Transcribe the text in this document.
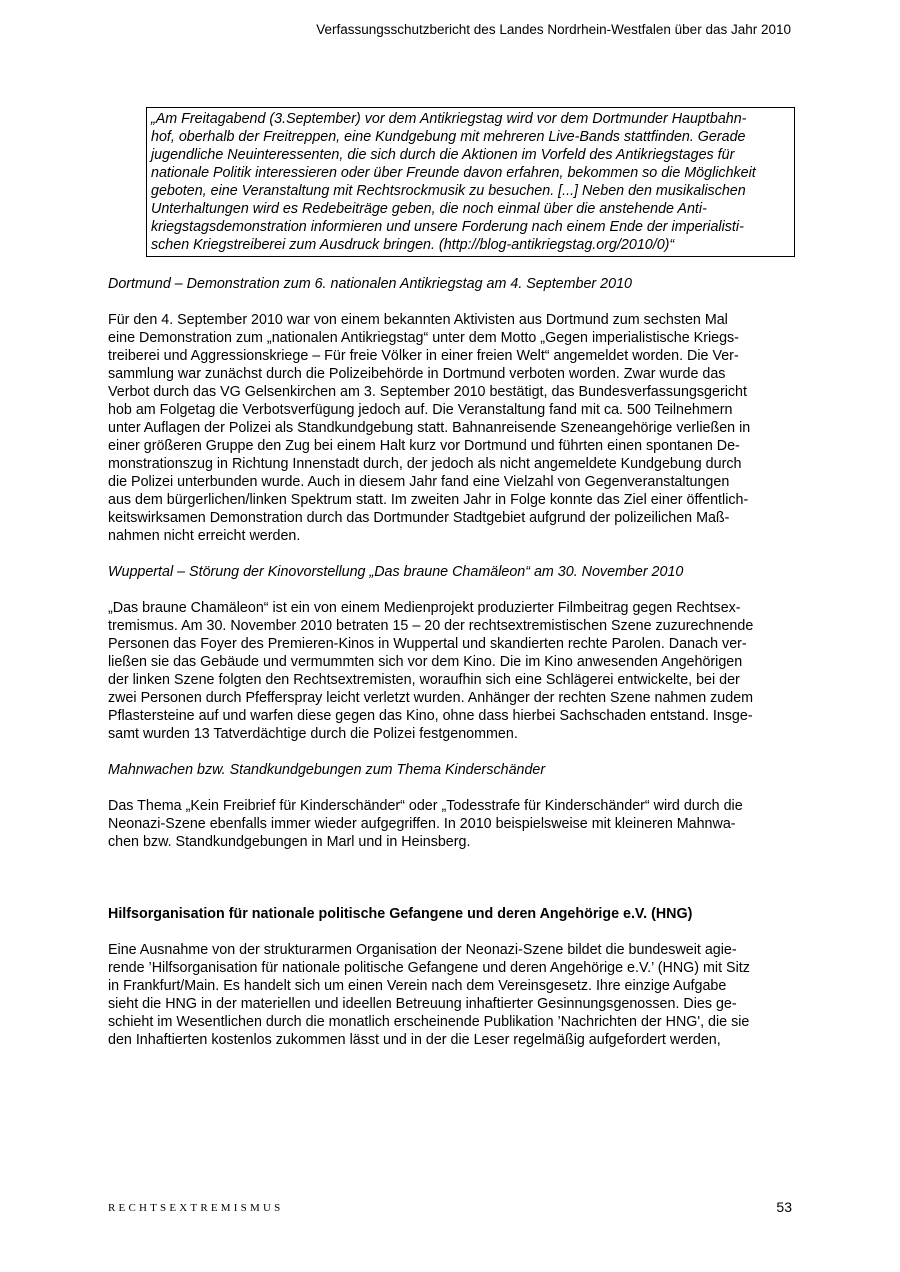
Verfassungsschutzbericht des Landes Nordrhein-Westfalen über das Jahr 2010
„Am Freitagabend (3.September) vor dem Antikriegstag wird vor dem Dortmunder Hauptbahn-
hof, oberhalb der Freitreppen, eine Kundgebung mit mehreren Live-Bands stattfinden. Gerade
jugendliche Neuinteressenten, die sich durch die Aktionen im Vorfeld des Antikriegstages für
nationale Politik interessieren oder über Freunde davon erfahren, bekommen so die Möglichkeit
geboten, eine Veranstaltung mit Rechtsrockmusik zu besuchen. [...] Neben den musikalischen
Unterhaltungen wird es Redebeiträge geben, die noch einmal über die anstehende Anti-
kriegstagsdemonstration informieren und unsere Forderung nach einem Ende der imperialisti-
schen Kriegstreiberei zum Ausdruck bringen. (http://blog-antikriegstag.org/2010/0)“

Dortmund – Demonstration zum 6. nationalen Antikriegstag am 4. September 2010

Für den 4. September 2010 war von einem bekannten Aktivisten aus Dortmund zum sechsten Mal
eine Demonstration zum „nationalen Antikriegstag“ unter dem Motto „Gegen imperialistische Kriegs-
treiberei und Aggressionskriege – Für freie Völker in einer freien Welt“ angemeldet worden. Die Ver-
sammlung war zunächst durch die Polizeibehörde in Dortmund verboten worden. Zwar wurde das
Verbot durch das VG Gelsenkirchen am 3. September 2010 bestätigt, das Bundesverfassungsgericht
hob am Folgetag die Verbotsverfügung jedoch auf. Die Veranstaltung fand mit ca. 500 Teilnehmern
unter Auflagen der Polizei als Standkundgebung statt. Bahnanreisende Szeneangehörige verließen in
einer größeren Gruppe den Zug bei einem Halt kurz vor Dortmund und führten einen spontanen De-
monstrationszug in Richtung Innenstadt durch, der jedoch als nicht angemeldete Kundgebung durch
die Polizei unterbunden wurde. Auch in diesem Jahr fand eine Vielzahl von Gegenveranstaltungen
aus dem bürgerlichen/linken Spektrum statt. Im zweiten Jahr in Folge konnte das Ziel einer öffentlich-
keitswirksamen Demonstration durch das Dortmunder Stadtgebiet aufgrund der polizeilichen Maß-
nahmen nicht erreicht werden.

Wuppertal – Störung der Kinovorstellung „Das braune Chamäleon“ am 30. November 2010

„Das braune Chamäleon“ ist ein von einem Medienprojekt produzierter Filmbeitrag gegen Rechtsex-
tremismus. Am 30. November 2010 betraten 15 – 20 der rechtsextremistischen Szene zuzurechnende
Personen das Foyer des Premieren-Kinos in Wuppertal und skandierten rechte Parolen. Danach ver-
ließen sie das Gebäude und vermummten sich vor dem Kino. Die im Kino anwesenden Angehörigen
der linken Szene folgten den Rechtsextremisten, woraufhin sich eine Schlägerei entwickelte, bei der
zwei Personen durch Pfefferspray leicht verletzt wurden. Anhänger der rechten Szene nahmen zudem
Pflastersteine auf und warfen diese gegen das Kino, ohne dass hierbei Sachschaden entstand. Insge-
samt wurden 13 Tatverdächtige durch die Polizei festgenommen.

Mahnwachen bzw. Standkundgebungen zum Thema Kinderschänder

Das Thema „Kein Freibrief für Kinderschänder“ oder „Todesstrafe für Kinderschänder“ wird durch die
Neonazi-Szene ebenfalls immer wieder aufgegriffen. In 2010 beispielsweise mit kleineren Mahnwa-
chen bzw. Standkundgebungen in Marl und in Heinsberg.

Hilfsorganisation für nationale politische Gefangene und deren Angehörige e.V. (HNG)

Eine Ausnahme von der strukturarmen Organisation der Neonazi-Szene bildet die bundesweit agie-
rende ’Hilfsorganisation für nationale politische Gefangene und deren Angehörige e.V.’ (HNG) mit Sitz
in Frankfurt/Main. Es handelt sich um einen Verein nach dem Vereinsgesetz. Ihre einzige Aufgabe
sieht die HNG in der materiellen und ideellen Betreuung inhaftierter Gesinnungsgenossen. Dies ge-
schieht im Wesentlichen durch die monatlich erscheinende Publikation ’Nachrichten der HNG', die sie
den Inhaftierten kostenlos zukommen lässt und in der die Leser regelmäßig aufgefordert werden,
RECHTSEXTREMISMUS	53
